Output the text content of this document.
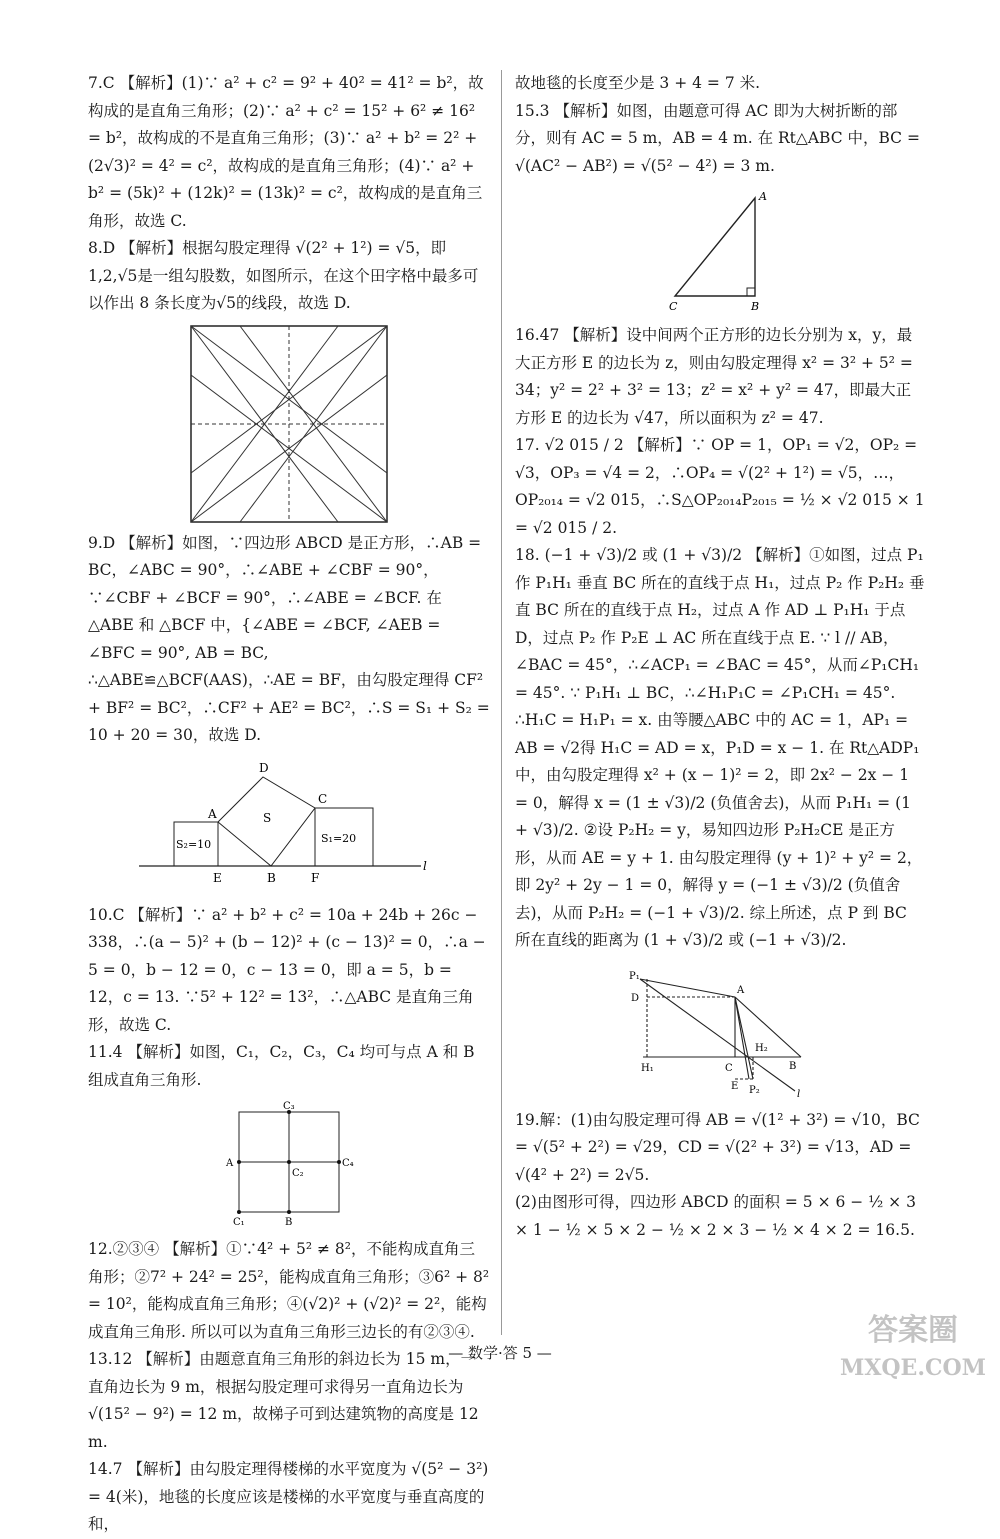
7.C 【解析】(1)∵ a² + c² = 9² + 40² = 41² = b²，故构成的是直角三角形；(2)∵ a² + c² = 15² + 6² ≠ 16² = b²，故构成的不是直角三角形；(3)∵ a² + b² = 2² + (2√3)² = 4² = c²，故构成的是直角三角形；(4)∵ a² + b² = (5k)² + (12k)² = (13k)² = c²，故构成的是直角三角形，故选 C.

8.D 【解析】根据勾股定理得 √(2² + 1²) = √5，即 1,2,√5是一组勾股数，如图所示，在这个田字格中最多可以作出 8 条长度为√5的线段，故选 D.

9.D 【解析】如图，∵四边形 ABCD 是正方形，∴AB = BC，∠ABC = 90°，∴∠ABE + ∠CBF = 90°，∵∠CBF + ∠BCF = 90°，∴∠ABE = ∠BCF. 在 △ABE 和 △BCF 中，{∠ABE = ∠BCF, ∠AEB = ∠BFC = 90°, AB = BC,

∴△ABE≌△BCF(AAS)，∴AE = BF，由勾股定理得 CF² + BF² = BC²，∴CF² + AE² = BC²，∴S = S₁ + S₂ = 10 + 20 = 30，故选 D.

D
A
C
S
S₂=10	S₁=20
E	B	F
l

10.C 【解析】∵ a² + b² + c² = 10a + 24b + 26c − 338，∴(a − 5)² + (b − 12)² + (c − 13)² = 0，∴a − 5 = 0，b − 12 = 0，c − 13 = 0，即 a = 5，b = 12，c = 13. ∵5² + 12² = 13²，∴△ABC 是直角三角形，故选 C.

11.4 【解析】如图，C₁，C₂，C₃，C₄ 均可与点 A 和 B 组成直角三角形.

C₃
A
C₂
C₄
C₁	B

12.②③④ 【解析】①∵4² + 5² ≠ 8²，不能构成直角三角形；②7² + 24² = 25²，能构成直角三角形；③6² + 8² = 10²，能构成直角三角形；④(√2)² + (√2)² = 2²，能构成直角三角形. 所以可以为直角三角形三边长的有②③④.

13.12 【解析】由题意直角三角形的斜边长为 15 m，一直角边长为 9 m，根据勾股定理可求得另一直角边长为 √(15² − 9²) = 12 m，故梯子可到达建筑物的高度是 12 m.

14.7 【解析】由勾股定理得楼梯的水平宽度为 √(5² − 3²) = 4(米)，地毯的长度应该是楼梯的水平宽度与垂直高度的和，

故地毯的长度至少是 3 + 4 = 7 米.

15.3 【解析】如图，由题意可得 AC 即为大树折断的部分，则有 AC = 5 m，AB = 4 m. 在 Rt△ABC 中，BC = √(AC² − AB²) = √(5² − 4²) = 3 m.

A
C	B

16.47 【解析】设中间两个正方形的边长分别为 x，y，最大正方形 E 的边长为 z，则由勾股定理得 x² = 3² + 5² = 34；y² = 2² + 3² = 13；z² = x² + y² = 47，即最大正方形 E 的边长为 √47，所以面积为 z² = 47.

17. √2 015 / 2 【解析】∵ OP = 1，OP₁ = √2，OP₂ = √3，OP₃ = √4 = 2，∴OP₄ = √(2² + 1²) = √5，…，OP₂₀₁₄ = √2 015，∴S△OP₂₀₁₄P₂₀₁₅ = ½ × √2 015 × 1 = √2 015 / 2.

18. (−1 + √3)/2 或 (1 + √3)/2 【解析】①如图，过点 P₁ 作 P₁H₁ 垂直 BC 所在的直线于点 H₁，过点 P₂ 作 P₂H₂ 垂直 BC 所在的直线于点 H₂，过点 A 作 AD ⊥ P₁H₁ 于点 D，过点 P₂ 作 P₂E ⊥ AC 所在直线于点 E. ∵ l // AB，∠BAC = 45°，∴∠ACP₁ = ∠BAC = 45°，从而∠P₁CH₁ = 45°. ∵ P₁H₁ ⊥ BC，∴∠H₁P₁C = ∠P₁CH₁ = 45°. ∴H₁C = H₁P₁ = x. 由等腰△ABC 中的 AC = 1，AP₁ = AB = √2得 H₁C = AD = x，P₁D = x − 1. 在 Rt△ADP₁ 中，由勾股定理得 x² + (x − 1)² = 2，即 2x² − 2x − 1 = 0，解得 x = (1 ± √3)/2 (负值舍去)，从而 P₁H₁ = (1 + √3)/2. ②设 P₂H₂ = y，易知四边形 P₂H₂CE 是正方形，从而 AE = y + 1. 由勾股定理得 (y + 1)² + y² = 2，即 2y² + 2y − 1 = 0，解得 y = (−1 ± √3)/2 (负值舍去)，从而 P₂H₂ = (−1 + √3)/2. 综上所述，点 P 到 BC 所在直线的距离为 (1 + √3)/2 或 (−1 + √3)/2.

P₁
D
A
H₁	C
H₂
B
E P₂	l

19.解：(1)由勾股定理可得 AB = √(1² + 3²) = √10，BC = √(5² + 2²) = √29，CD = √(2² + 3²) = √13，AD = √(4² + 2²) = 2√5.

(2)由图形可得，四边形 ABCD 的面积 = 5 × 6 − ½ × 3 × 1 − ½ × 5 × 2 − ½ × 2 × 3 − ½ × 4 × 2 = 16.5.

— 数学·答 5 —
答案圈
MXQE.COM
